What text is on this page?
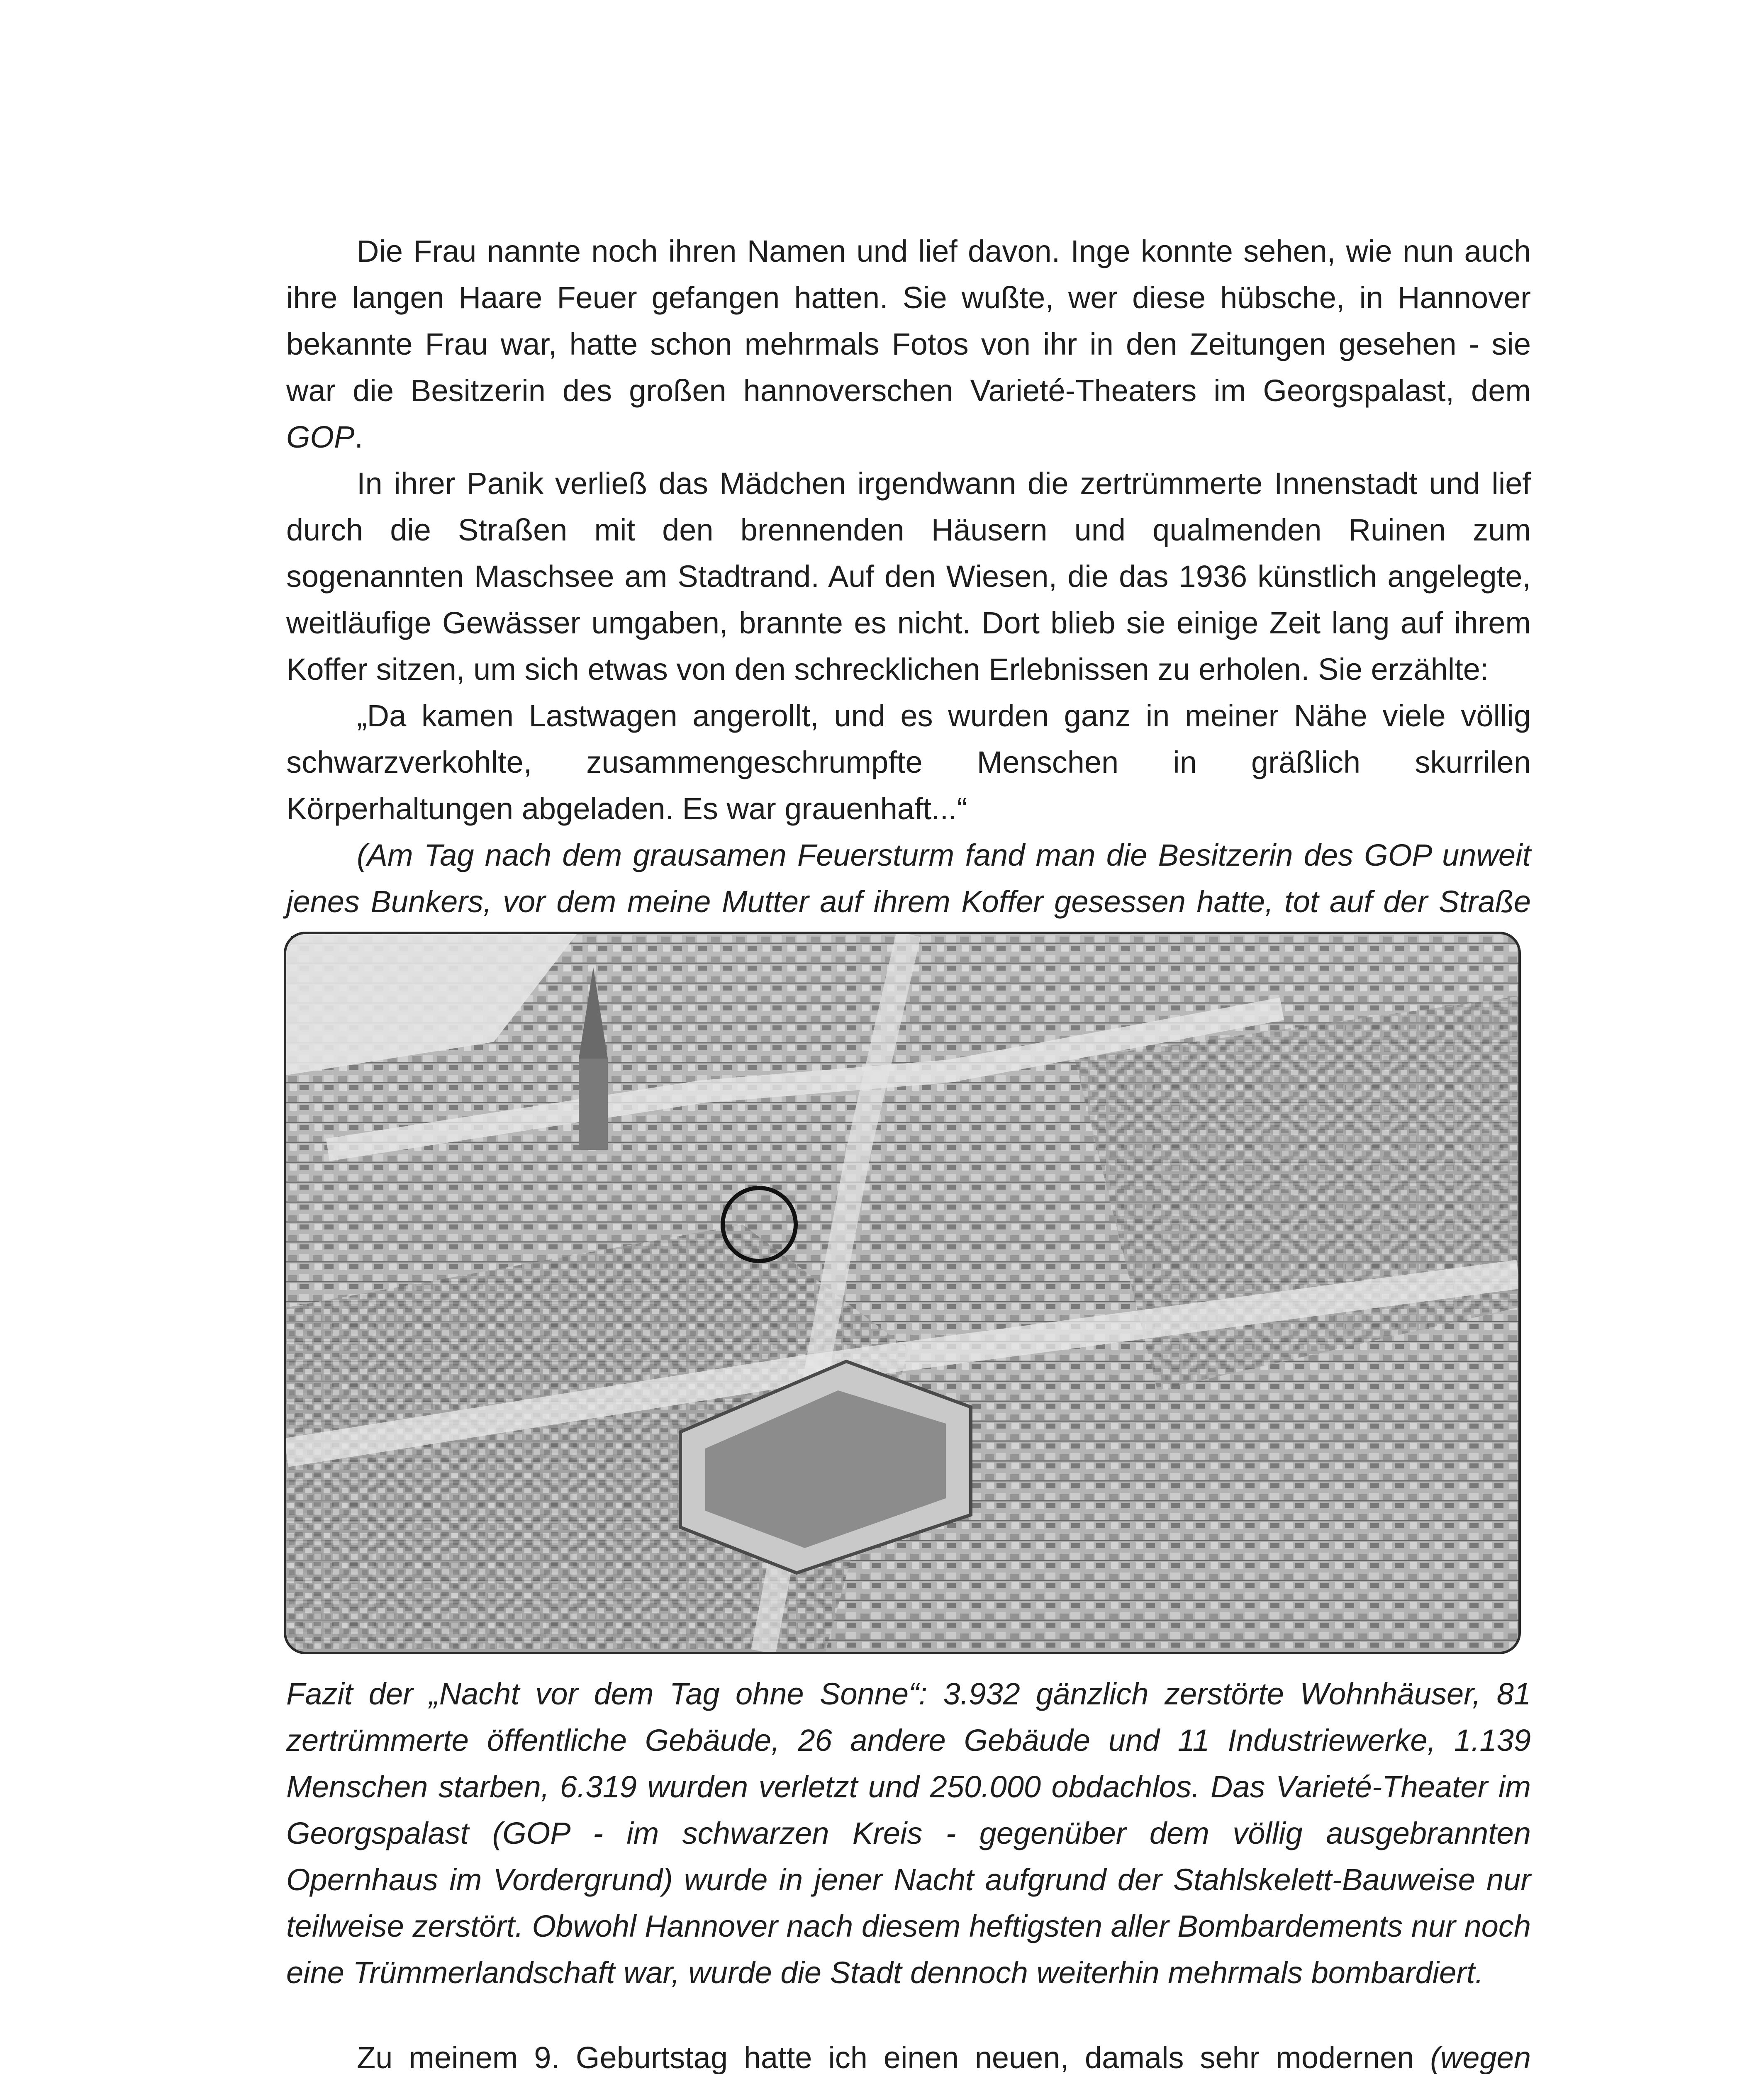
Die Frau nannte noch ihren Namen und lief davon. Inge konnte sehen, wie nun auch ihre langen Haare Feuer gefangen hatten. Sie wußte, wer diese hübsche, in Hannover bekannte Frau war, hatte schon mehrmals Fotos von ihr in den Zeitungen gesehen - sie war die Besitzerin des großen hannoverschen Varieté-Theaters im Georgspalast, dem GOP.

In ihrer Panik verließ das Mädchen irgendwann die zertrümmerte Innenstadt und lief durch die Straßen mit den brennenden Häusern und qualmenden Ruinen zum sogenannten Maschsee am Stadtrand. Auf den Wiesen, die das 1936 künstlich angelegte, weitläufige Gewässer umgaben, brannte es nicht. Dort blieb sie einige Zeit lang auf ihrem Koffer sitzen, um sich etwas von den schrecklichen Erlebnissen zu erholen. Sie erzählte:

„Da kamen Lastwagen angerollt, und es wurden ganz in meiner Nähe viele völlig schwarzverkohlte, zusammengeschrumpfte Menschen in gräßlich skurrilen Körperhaltungen abgeladen. Es war grauenhaft...“

(Am Tag nach dem grausamen Feuersturm fand man die Besitzerin des GOP unweit jenes Bunkers, vor dem meine Mutter auf ihrem Koffer gesessen hatte, tot auf der Straße

Fazit der „Nacht vor dem Tag ohne Sonne“: 3.932 gänzlich zerstörte Wohnhäuser, 81 zertrümmerte öffentliche Gebäude, 26 andere Gebäude und 11 Industriewerke, 1.139 Menschen starben, 6.319 wurden verletzt und 250.000 obdachlos. Das Varieté-Theater im Georgspalast (GOP - im schwarzen Kreis - gegenüber dem völlig ausgebrannten Opernhaus im Vordergrund) wurde in jener Nacht aufgrund der Stahlskelett-Bauweise nur teilweise zerstört. Obwohl Hannover nach diesem heftigsten aller Bombardements nur noch eine Trümmerlandschaft war, wurde die Stadt dennoch weiterhin mehrmals bombardiert.

Zu meinem 9. Geburtstag hatte ich einen neuen, damals sehr modernen (wegen
